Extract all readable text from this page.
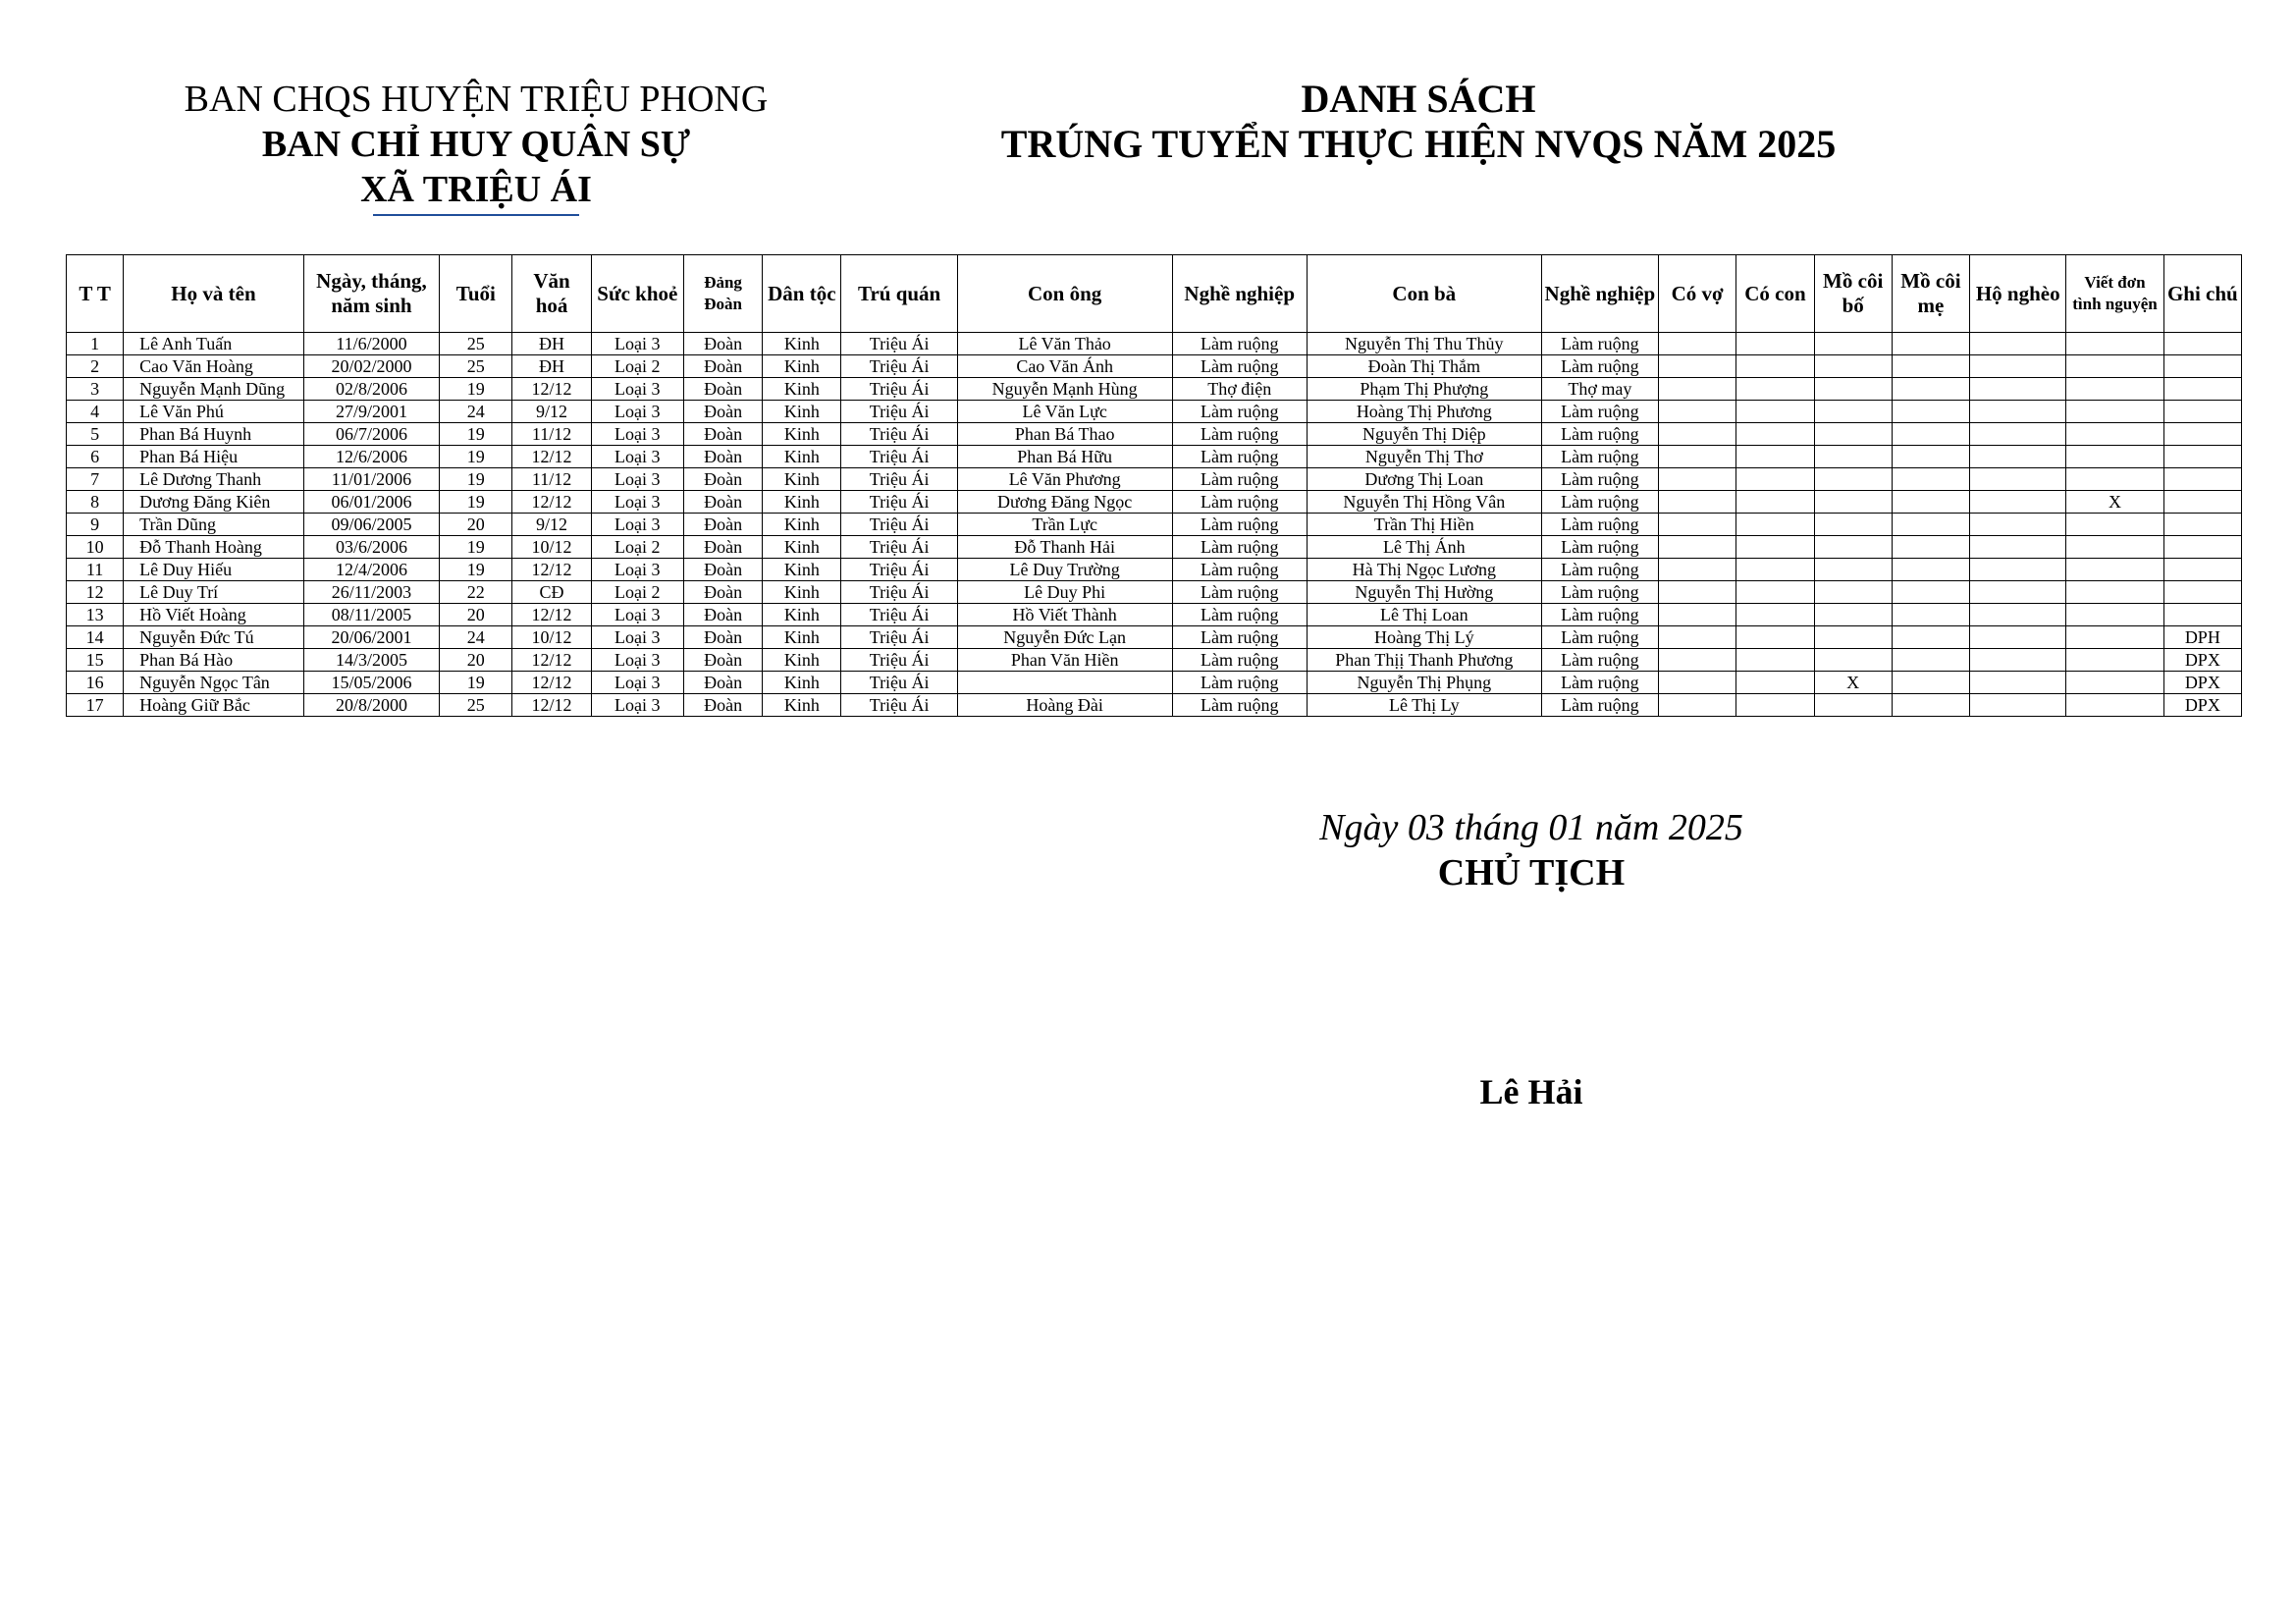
BAN CHQS HUYỆN TRIỆU PHONG
BAN CHỈ HUY QUÂN SỰ
XÃ TRIỆU ÁI
DANH SÁCH
TRÚNG TUYỂN THỰC HIỆN NVQS NĂM 2025
T T	Họ và tên	Ngày, tháng, năm sinh	Tuổi	Văn hoá	Sức khoẻ	Đảng Đoàn	Dân tộc	Trú quán	Con ông	Nghề nghiệp	Con bà	Nghề nghiệp	Có vợ	Có con	Mồ côi bố	Mồ côi mẹ	Hộ nghèo	Viết đơn tình nguyện	Ghi chú
1	Lê Anh Tuấn	11/6/2000	25	ĐH	Loại 3	Đoàn	Kinh	Triệu Ái	Lê Văn Thảo	Làm ruộng	Nguyễn Thị Thu Thủy	Làm ruộng							
2	Cao Văn Hoàng	20/02/2000	25	ĐH	Loại 2	Đoàn	Kinh	Triệu Ái	Cao Văn Ánh	Làm ruộng	Đoàn Thị Thắm	Làm ruộng							
3	Nguyễn Mạnh Dũng	02/8/2006	19	12/12	Loại 3	Đoàn	Kinh	Triệu Ái	Nguyễn Mạnh Hùng	Thợ điện	Phạm Thị Phượng	Thợ may							
4	Lê Văn Phú	27/9/2001	24	9/12	Loại 3	Đoàn	Kinh	Triệu Ái	Lê Văn Lực	Làm ruộng	Hoàng Thị Phương	Làm ruộng							
5	Phan Bá Huynh	06/7/2006	19	11/12	Loại 3	Đoàn	Kinh	Triệu Ái	Phan Bá Thao	Làm ruộng	Nguyễn Thị Diệp	Làm ruộng							
6	Phan Bá Hiệu	12/6/2006	19	12/12	Loại 3	Đoàn	Kinh	Triệu Ái	Phan Bá Hữu	Làm ruộng	Nguyễn Thị Thơ	Làm ruộng							
7	Lê Dương Thanh	11/01/2006	19	11/12	Loại 3	Đoàn	Kinh	Triệu Ái	Lê Văn Phương	Làm ruộng	Dương Thị Loan	Làm ruộng							
8	Dương Đăng Kiên	06/01/2006	19	12/12	Loại 3	Đoàn	Kinh	Triệu Ái	Dương Đăng Ngọc	Làm ruộng	Nguyễn Thị Hồng Vân	Làm ruộng						X	
9	Trần Dũng	09/06/2005	20	9/12	Loại 3	Đoàn	Kinh	Triệu Ái	Trần Lực	Làm ruộng	Trần Thị Hiền	Làm ruộng							
10	Đỗ Thanh Hoàng	03/6/2006	19	10/12	Loại 2	Đoàn	Kinh	Triệu Ái	Đỗ Thanh Hải	Làm ruộng	Lê Thị Ánh	Làm ruộng							
11	Lê Duy Hiếu	12/4/2006	19	12/12	Loại 3	Đoàn	Kinh	Triệu Ái	Lê Duy Trường	Làm ruộng	Hà Thị Ngọc Lương	Làm ruộng							
12	Lê Duy Trí	26/11/2003	22	CĐ	Loại 2	Đoàn	Kinh	Triệu Ái	Lê Duy Phi	Làm ruộng	Nguyễn Thị Hường	Làm ruộng							
13	Hồ Viết Hoàng	08/11/2005	20	12/12	Loại 3	Đoàn	Kinh	Triệu Ái	Hồ Viết Thành	Làm ruộng	Lê Thị Loan	Làm ruộng							
14	Nguyễn Đức Tú	20/06/2001	24	10/12	Loại 3	Đoàn	Kinh	Triệu Ái	Nguyễn Đức Lạn	Làm ruộng	Hoàng Thị Lý	Làm ruộng							DPH
15	Phan Bá Hào	14/3/2005	20	12/12	Loại 3	Đoàn	Kinh	Triệu Ái	Phan Văn Hiền	Làm ruộng	Phan Thịị Thanh Phương	Làm ruộng							DPX
16	Nguyễn Ngọc Tân	15/05/2006	19	12/12	Loại 3	Đoàn	Kinh	Triệu Ái		Làm ruộng	Nguyễn Thị Phụng	Làm ruộng			X				DPX
17	Hoàng Giữ Bắc	20/8/2000	25	12/12	Loại 3	Đoàn	Kinh	Triệu Ái	Hoàng Đài	Làm ruộng	Lê Thị Ly	Làm ruộng							DPX
Ngày 03 tháng 01 năm 2025
CHỦ TỊCH
Lê Hải
